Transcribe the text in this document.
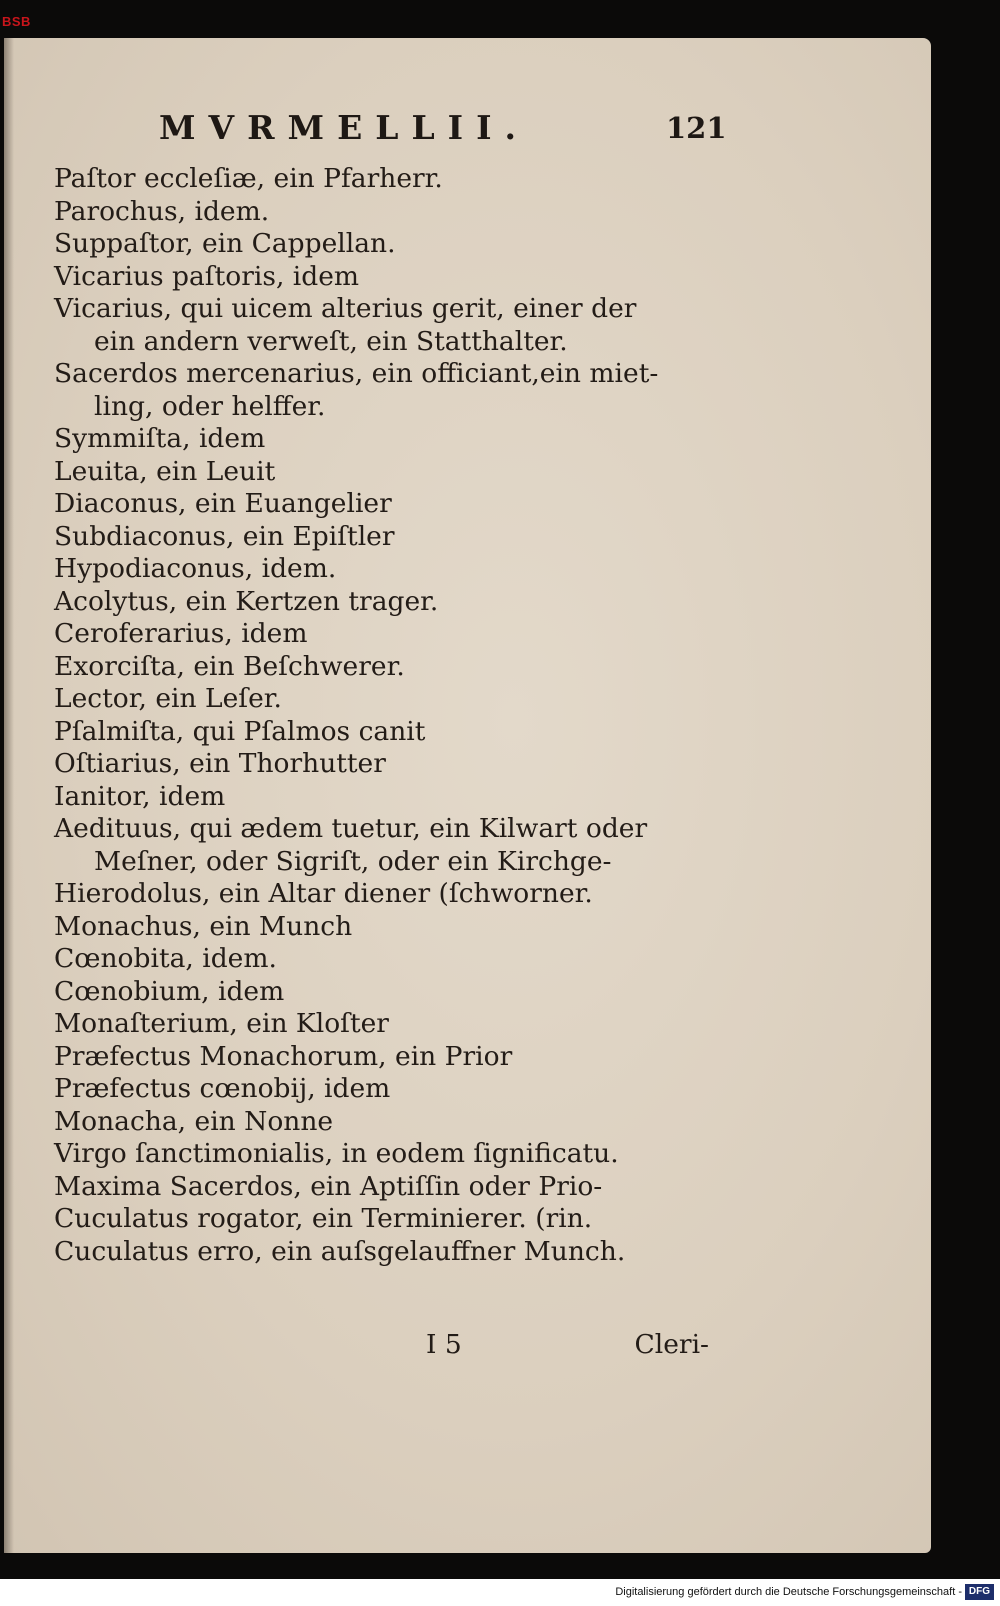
BSB
MVRMELLII.	121
Paſtor eccleſiæ, ein Pfarherr.
Parochus, idem.
Suppaſtor, ein Cappellan.
Vicarius paſtoris, idem
Vicarius, qui uicem alterius gerit, einer der
ein andern verweſt, ein Statthalter.
Sacerdos mercenarius, ein officiant,ein miet-
ling, oder helffer.
Symmiſta, idem
Leuita, ein Leuit
Diaconus, ein Euangelier
Subdiaconus, ein Epiſtler
Hypodiaconus, idem.
Acolytus, ein Kertzen trager.
Ceroferarius, idem
Exorciſta, ein Beſchwerer.
Lector, ein Leſer.
Pſalmiſta, qui Pſalmos canit
Oſtiarius, ein Thorhutter
Ianitor, idem
Aedituus, qui ædem tuetur, ein Kilwart oder
Meſner, oder Sigriſt, oder ein Kirchge-
Hierodolus, ein Altar diener (ſchworner.
Monachus, ein Munch
Cœnobita, idem.
Cœnobium, idem
Monaſterium, ein Kloſter
Præfectus Monachorum, ein Prior
Præfectus cœnobij, idem
Monacha, ein Nonne
Virgo ſanctimonialis, in eodem ſignificatu.
Maxima Sacerdos, ein Aptiſſin oder Prio-
Cuculatus rogator, ein Terminierer. (rin.
Cuculatus erro, ein auſsgelauffner Munch.
I 5	Cleri-
Digitalisierung gefördert durch die Deutsche Forschungsgemeinschaft - DFG
